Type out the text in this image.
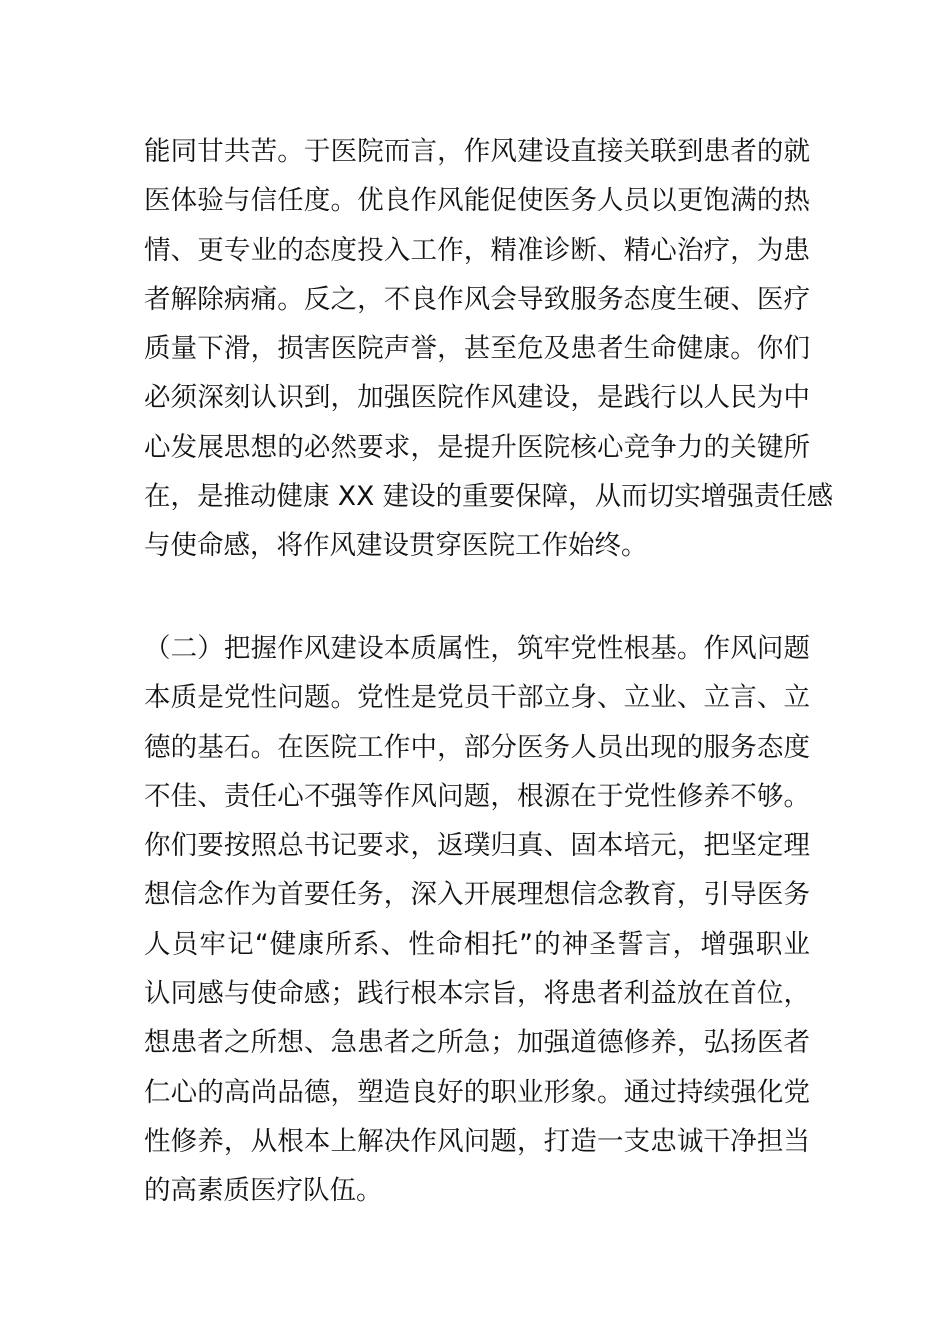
能同甘共苦。于医院而言，作风建设直接关联到患者的就
医体验与信任度。优良作风能促使医务人员以更饱满的热
情、更专业的态度投入工作，精准诊断、精心治疗，为患
者解除病痛。反之，不良作风会导致服务态度生硬、医疗
质量下滑，损害医院声誉，甚至危及患者生命健康。你们
必须深刻认识到，加强医院作风建设，是践行以人民为中
心发展思想的必然要求，是提升医院核心竞争力的关键所
在，是推动健康 XX 建设的重要保障，从而切实增强责任感
与使命感，将作风建设贯穿医院工作始终。
（二）把握作风建设本质属性，筑牢党性根基。作风问题
本质是党性问题。党性是党员干部立身、立业、立言、立
德的基石。在医院工作中，部分医务人员出现的服务态度
不佳、责任心不强等作风问题，根源在于党性修养不够。
你们要按照总书记要求，返璞归真、固本培元，把坚定理
想信念作为首要任务，深入开展理想信念教育，引导医务
人员牢记“健康所系、性命相托”的神圣誓言，增强职业
认同感与使命感；践行根本宗旨，将患者利益放在首位，
想患者之所想、急患者之所急；加强道德修养，弘扬医者
仁心的高尚品德，塑造良好的职业形象。通过持续强化党
性修养，从根本上解决作风问题，打造一支忠诚干净担当
的高素质医疗队伍。
